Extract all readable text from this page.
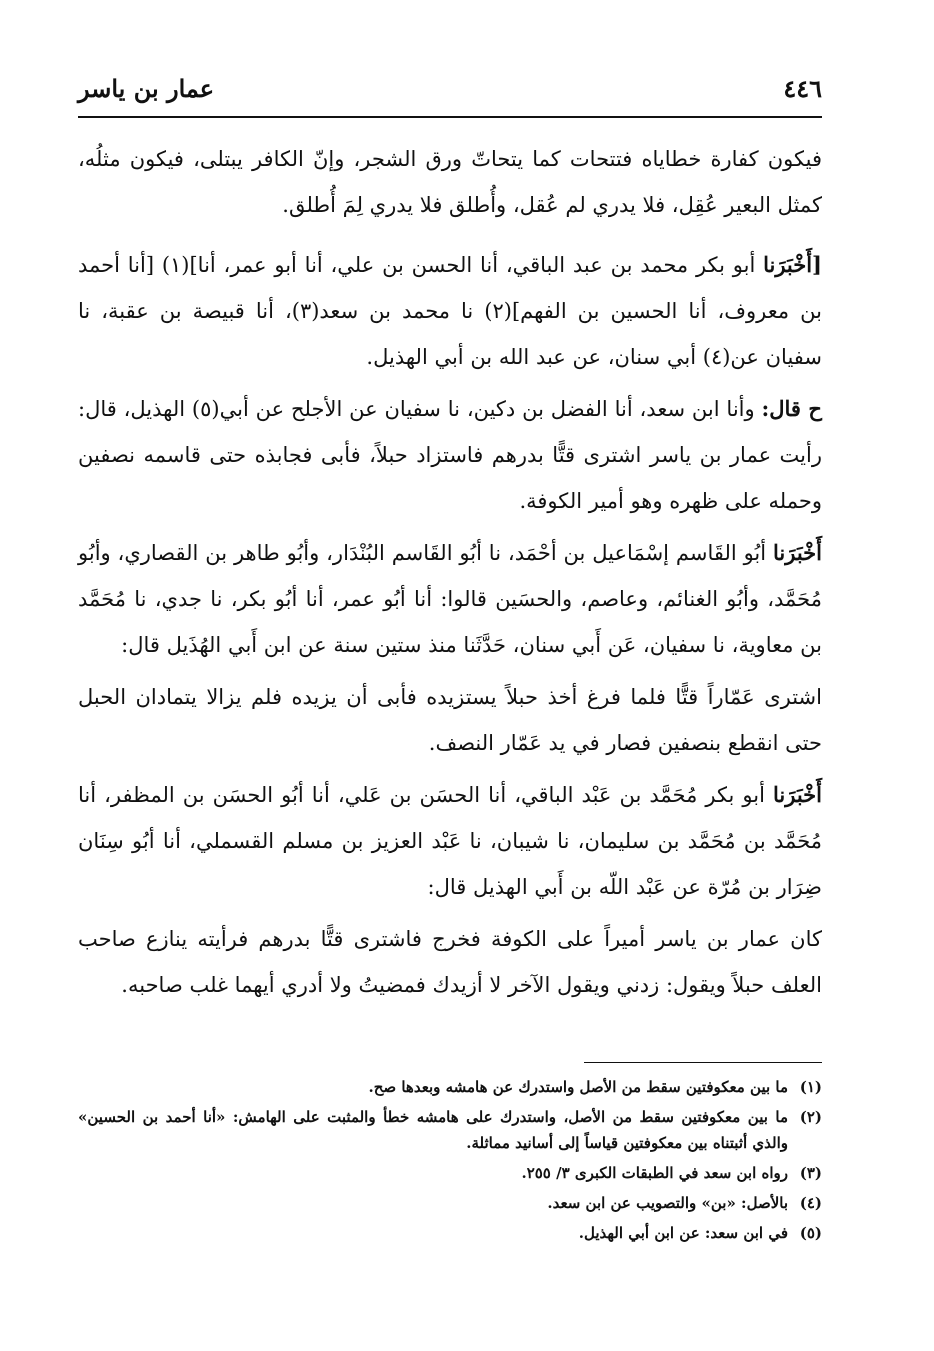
٤٤٦
عمار بن ياسر

فيكون كفارة خطاياه فتتحات كما يتحاتّ ورق الشجر، وإنّ الكافر يبتلى، فيكون مثلُه، كمثل البعير عُقِل، فلا يدري لم عُقل، وأُطلق فلا يدري لِمَ أُطلق.

[أَخْبَرَنا أبو بكر محمد بن عبد الباقي، أنا الحسن بن علي، أنا أبو عمر، أنا](١) [أنا أحمد بن معروف، أنا الحسين بن الفهم](٢) نا محمد بن سعد(٣)، أنا قبيصة بن عقبة، نا سفيان عن(٤) أبي سنان، عن عبد الله بن أبي الهذيل.

ح قال: وأنا ابن سعد، أنا الفضل بن دكين، نا سفيان عن الأجلح عن أبي(٥) الهذيل، قال: رأيت عمار بن ياسر اشترى قتًّا بدرهم فاستزاد حبلاً، فأبى فجابذه حتى قاسمه نصفين وحمله على ظهره وهو أمير الكوفة.

أَخْبَرَنا أبُو القَاسم إسْمَاعيل بن أحْمَد، نا أبُو القَاسم البُنْدَار، وأبُو طاهر بن القصاري، وأبُو مُحَمَّد، وأبُو الغنائم، وعاصم، والحسَين قالوا: أنا أبُو عمر، أنا أبُو بكر، نا جدي، نا مُحَمَّد بن معاوية، نا سفيان، عَن أَبي سنان، حَدَّثَنا منذ ستين سنة عن ابن أَبي الهُذَيل قال:

اشترى عَمّاراً قتًّا فلما فرغ أخذ حبلاً يستزيده فأبى أن يزيده فلم يزالا يتمادان الحبل حتى انقطع بنصفين فصار في يد عَمّار النصف.

أَخْبَرَنا أبو بكر مُحَمَّد بن عَبْد الباقي، أنا الحسَن بن عَلي، أنا أبُو الحسَن بن المظفر، أنا مُحَمَّد بن مُحَمَّد بن سليمان، نا شيبان، نا عَبْد العزيز بن مسلم القسملي، أنا أبُو سِنَان ضِرَار بن مُرّة عن عَبْد اللّه بن أَبي الهذيل قال:

كان عمار بن ياسر أميراً على الكوفة فخرج فاشترى قتًّا بدرهم فرأيته ينازع صاحب العلف حبلاً ويقول: زدني ويقول الآخر لا أزيدك فمضيتُ ولا أدري أيهما غلب صاحبه.

(١)
ما بين معكوفتين سقط من الأصل واستدرك عن هامشه وبعدها صح.
(٢)
ما بين معكوفتين سقط من الأصل، واستدرك على هامشه خطأ والمثبت على الهامش: «أنا أحمد بن الحسين» والذي أثبتناه بين معكوفتين قياساً إلى أسانيد مماثلة.
(٣)
رواه ابن سعد في الطبقات الكبرى ٣/ ٢٥٥.
(٤)
بالأصل: «بن» والتصويب عن ابن سعد.
(٥)
في ابن سعد: عن ابن أبي الهذيل.
